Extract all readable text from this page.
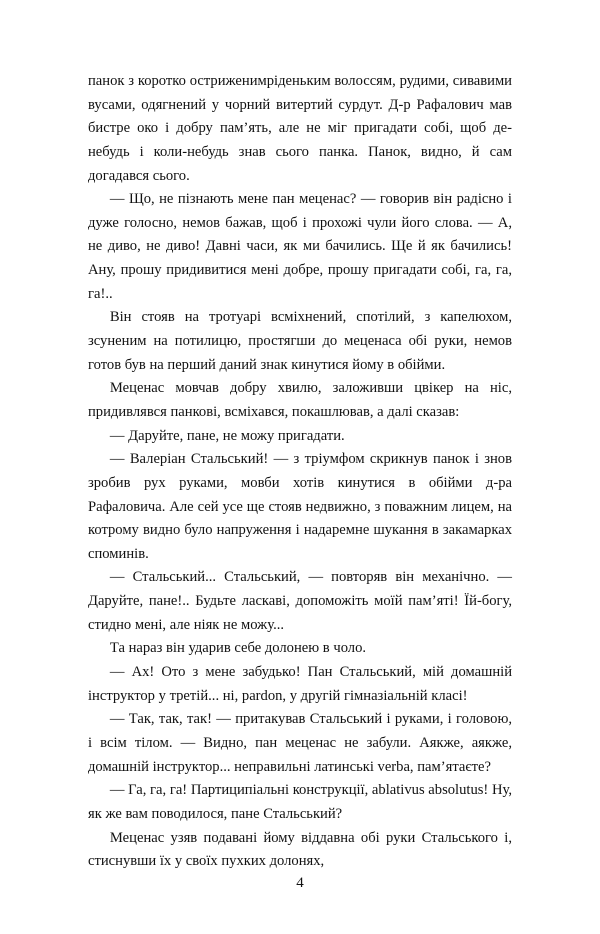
панок з коротко остриженимріденьким волоссям, рудими, сивавими вусами, одягнений у чорний витертий сурдут. Д-р Рафалович мав бистре око і добру пам’ять, але не міг пригадати собі, щоб де-небудь і коли-небудь знав сього панка. Панок, видно, й сам догадався сього.

— Що, не пізнають мене пан меценас? — говорив він радісно і дуже голосно, немов бажав, щоб і прохожі чули його слова. — А, не диво, не диво! Давні часи, як ми бачились. Ще й як бачились! Ану, прошу придивитися мені добре, прошу пригадати собі, га, га, га!..

Він стояв на тротуарі всміхнений, спотілий, з капелюхом, зсуненим на потилицю, простягши до меценаса обі руки, немов готов був на перший даний знак кинутися йому в обійми.

Меценас мовчав добру хвилю, заложивши цвікер на ніс, придивлявся панкові, всміхався, покашлював, а далі сказав:

— Даруйте, пане, не можу пригадати.

— Валеріан Стальський! — з тріумфом скрикнув панок і знов зробив рух руками, мовби хотів кинутися в обійми д-ра Рафаловича. Але сей усе ще стояв недвижно, з поважним лицем, на котрому видно було напруження і надаремне шукання в закамарках споминів.

— Стальський... Стальський, — повторяв він механічно. — Даруйте, пане!.. Будьте ласкаві, допоможіть моїй пам’яті! Їй-богу, стидно мені, але ніяк не можу...

Та нараз він ударив себе долонею в чоло.

— Ах! Ото з мене забудько! Пан Стальський, мій домашній інструктор у третій... ні, pardon, у другій гімназіальній класі!

— Так, так, так! — притакував Стальський і руками, і головою, і всім тілом. — Видно, пан меценас не забули. Аякже, аякже, домашній інструктор... неправильні латинські verba, пам’ятаєте?

— Га, га, га! Партиципіальні конструкції, ablativus absolutus! Ну, як же вам поводилося, пане Стальський?

Меценас узяв подавані йому віддавна обі руки Стальського і, стиснувши їх у своїх пухких долонях,

4
